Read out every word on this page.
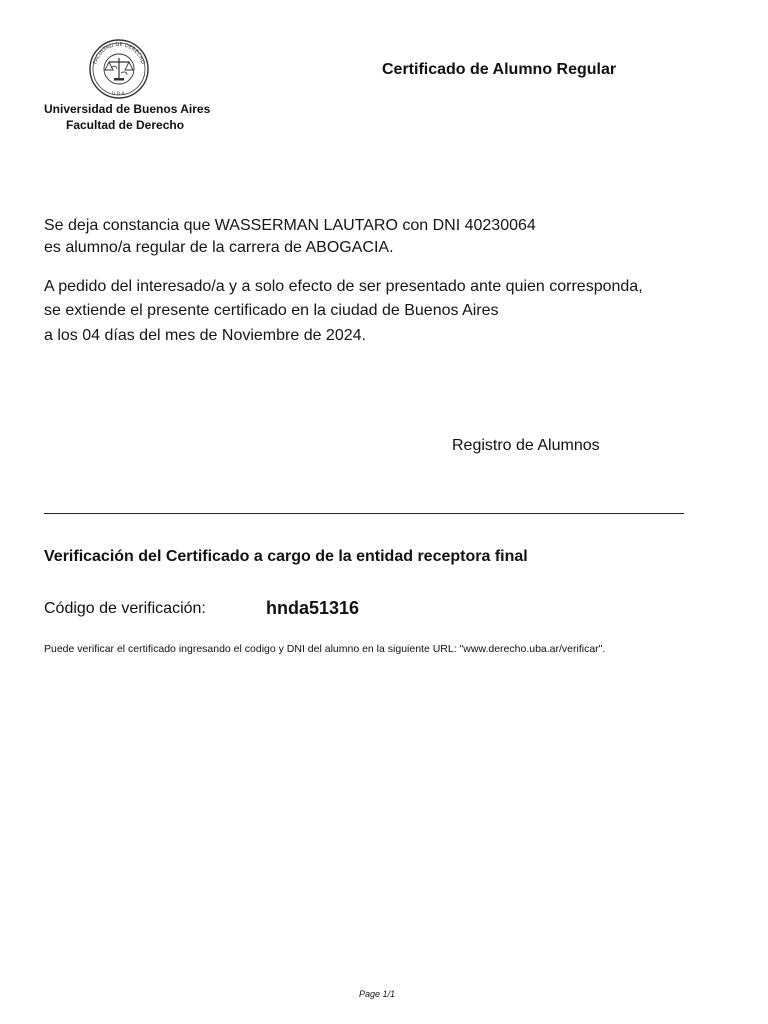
FACULTAD DE DERECHO
U.B.A.
Universidad de Buenos Aires
Facultad de Derecho
Certificado de Alumno Regular
Se deja constancia que WASSERMAN LAUTARO con DNI 40230064
es alumno/a regular de la carrera de ABOGACIA.
A pedido del interesado/a y a solo efecto de ser presentado ante quien corresponda,
se extiende el presente certificado en la ciudad de Buenos Aires
a los 04 días del mes de Noviembre de 2024.
Registro de Alumnos
Verificación del Certificado a cargo de la entidad receptora final
Código de verificación:	hnda51316
Puede verificar el certificado ingresando el codigo y DNI del alumno en la siguiente URL: "www.derecho.uba.ar/verificar".
Page 1/1
